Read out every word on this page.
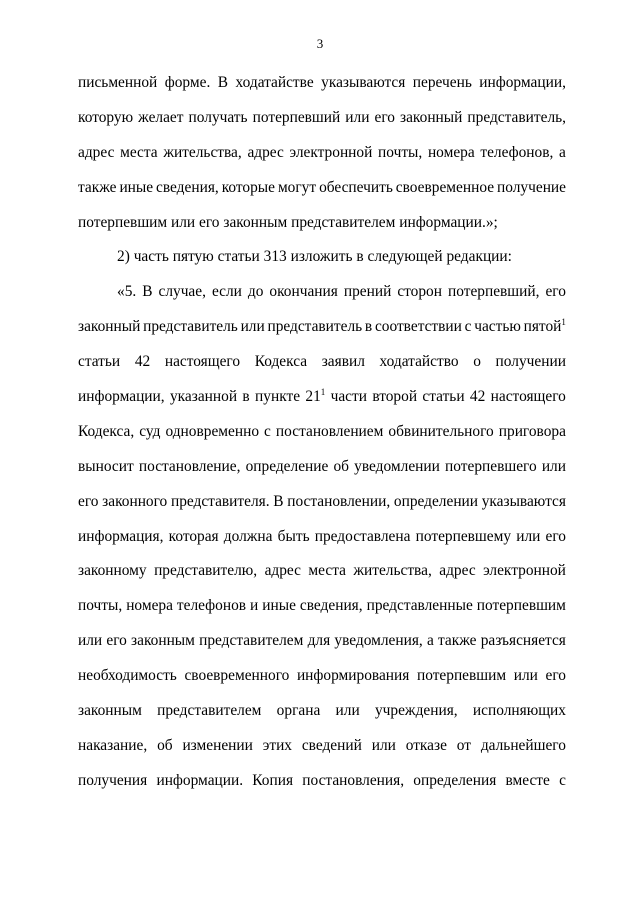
3
письменной форме. В ходатайстве указываются перечень информации,
которую желает получать потерпевший или его законный представитель,
адрес места жительства, адрес электронной почты, номера телефонов, а
также иные сведения, которые могут обеспечить своевременное получение
потерпевшим
или
его
законным
представителем
информации.»;
2)
часть
пятую
статьи
313
изложить
в
следующей
редакции:
«5. В случае, если до окончания прений сторон потерпевший, его
законный представитель или представитель в соответствии с частью пятой$^1$
статьи 42 настоящего Кодекса заявил ходатайство о получении
информации, указанной в пункте $21^1$ части второй статьи 42 настоящего
Кодекса, суд одновременно с постановлением обвинительного приговора
выносит постановление, определение об уведомлении потерпевшего или
его законного представителя. В постановлении, определении указываются
информация, которая должна быть предоставлена потерпевшему или его
законному представителю, адрес места жительства, адрес электронной
почты, номера телефонов и иные сведения, представленные потерпевшим
или его законным представителем для уведомления, а также разъясняется
необходимость своевременного информирования потерпевшим или его
законным представителем органа или учреждения, исполняющих
наказание, об изменении этих сведений или отказе от дальнейшего
получения информации. Копия постановления, определения вместе с
